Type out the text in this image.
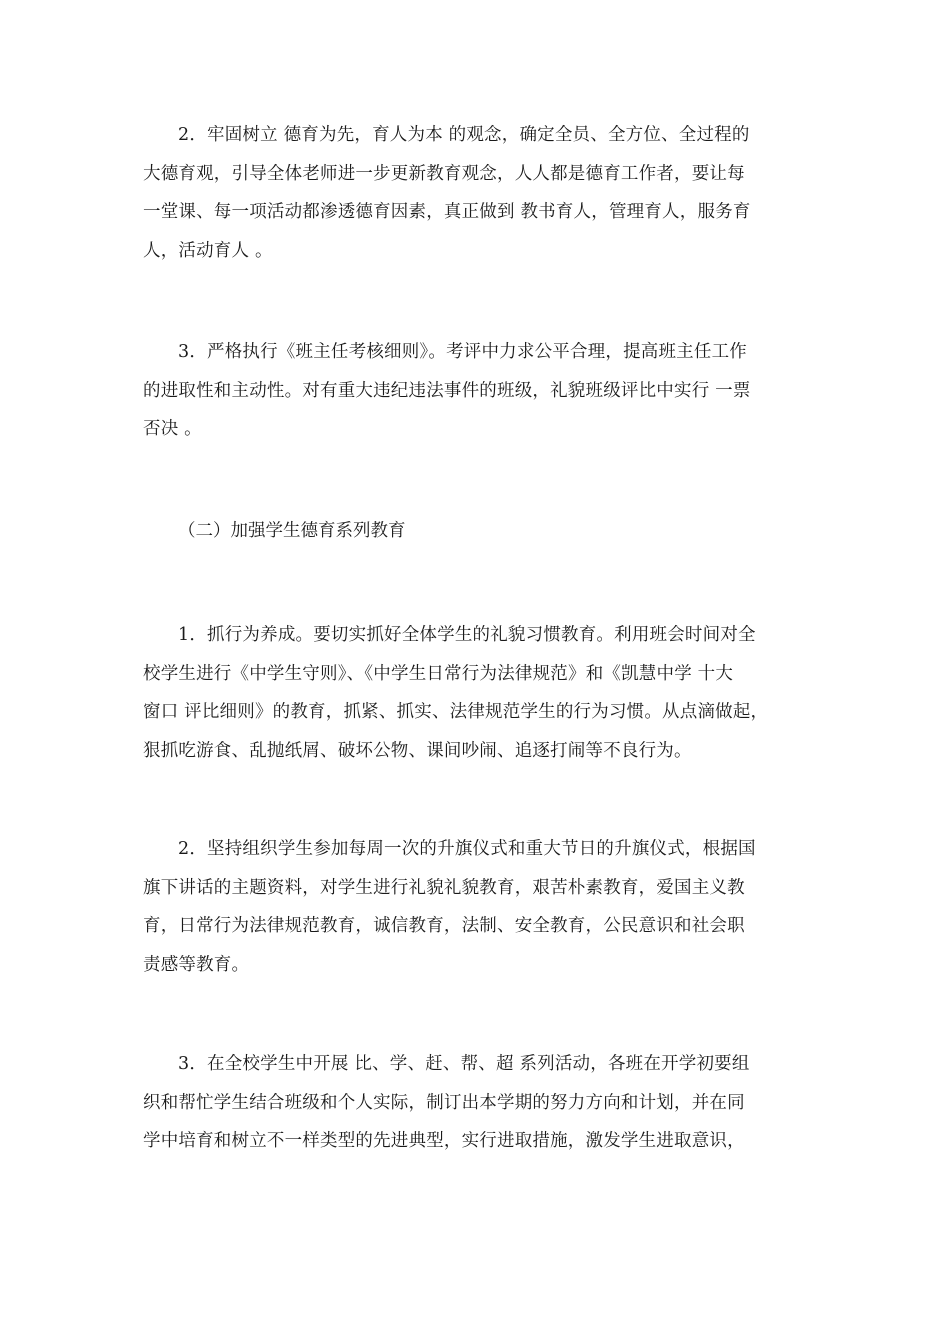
2．牢固树立 德育为先，育人为本 的观念，确定全员、全方位、全过程的
大德育观，引导全体老师进一步更新教育观念，人人都是德育工作者，要让每
一堂课、每一项活动都渗透德育因素，真正做到 教书育人，管理育人，服务育
人，活动育人 。
3．严格执行《班主任考核细则》。考评中力求公平合理，提高班主任工作
的进取性和主动性。对有重大违纪违法事件的班级，礼貌班级评比中实行 一票
否决 。
（二）加强学生德育系列教育
1．抓行为养成。要切实抓好全体学生的礼貌习惯教育。利用班会时间对全
校学生进行《中学生守则》、《中学生日常行为法律规范》和《凯慧中学 十大
窗口 评比细则》的教育，抓紧、抓实、法律规范学生的行为习惯。从点滴做起，
狠抓吃游食、乱抛纸屑、破坏公物、课间吵闹、追逐打闹等不良行为。
2．坚持组织学生参加每周一次的升旗仪式和重大节日的升旗仪式，根据国
旗下讲话的主题资料，对学生进行礼貌礼貌教育，艰苦朴素教育，爱国主义教
育，日常行为法律规范教育，诚信教育，法制、安全教育，公民意识和社会职
责感等教育。
3．在全校学生中开展 比、学、赶、帮、超 系列活动，各班在开学初要组
织和帮忙学生结合班级和个人实际，制订出本学期的努力方向和计划，并在同
学中培育和树立不一样类型的先进典型，实行进取措施，激发学生进取意识，
